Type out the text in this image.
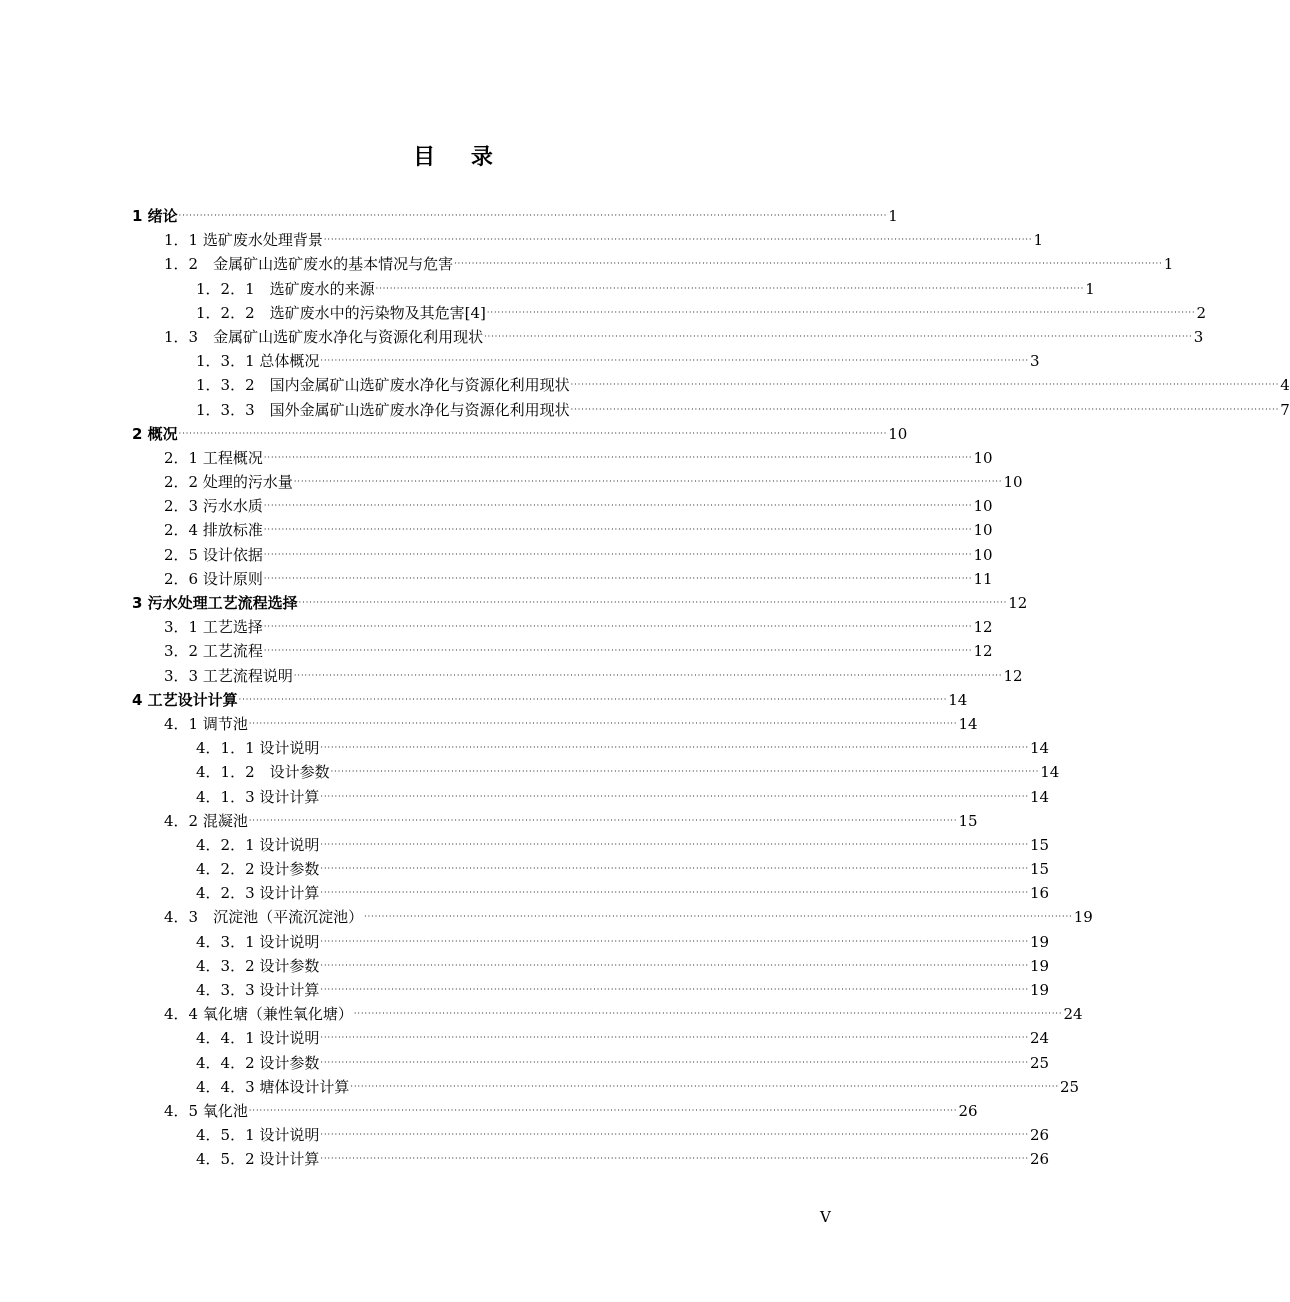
目 录
1 绪论 ········································································································································································································ 1
1．1 选矿废水处理背景 ········································································································································································································ 1
1．2　金属矿山选矿废水的基本情况与危害 ········································································································································································································ 1
1．2．1　选矿废水的来源 ········································································································································································································ 1
1．2．2　选矿废水中的污染物及其危害[4] ········································································································································································································ 2
1．3　金属矿山选矿废水净化与资源化利用现状 ········································································································································································································ 3
1．3．1 总体概况 ········································································································································································································ 3
1．3．2　国内金属矿山选矿废水净化与资源化利用现状 ········································································································································································································ 4
1．3．3　国外金属矿山选矿废水净化与资源化利用现状 ········································································································································································································ 7
2 概况 ········································································································································································································ 10
2．1 工程概况 ········································································································································································································ 10
2．2 处理的污水量 ········································································································································································································ 10
2．3 污水水质 ········································································································································································································ 10
2．4 排放标准 ········································································································································································································ 10
2．5 设计依据 ········································································································································································································ 10
2．6 设计原则 ········································································································································································································ 11
3 污水处理工艺流程选择 ········································································································································································································ 12
3．1 工艺选择 ········································································································································································································ 12
3．2 工艺流程 ········································································································································································································ 12
3．3 工艺流程说明 ········································································································································································································ 12
4 工艺设计计算 ········································································································································································································ 14
4．1 调节池 ········································································································································································································ 14
4．1．1 设计说明 ········································································································································································································ 14
4．1．2　设计参数 ········································································································································································································ 14
4．1．3 设计计算 ········································································································································································································ 14
4．2 混凝池 ········································································································································································································ 15
4．2．1 设计说明 ········································································································································································································ 15
4．2．2 设计参数 ········································································································································································································ 15
4．2．3 设计计算 ········································································································································································································ 16
4．3　沉淀池（平流沉淀池） ········································································································································································································ 19
4．3．1 设计说明 ········································································································································································································ 19
4．3．2 设计参数 ········································································································································································································ 19
4．3．3 设计计算 ········································································································································································································ 19
4．4 氧化塘（兼性氧化塘） ········································································································································································································ 24
4．4．1 设计说明 ········································································································································································································ 24
4．4．2 设计参数 ········································································································································································································ 25
4．4．3 塘体设计计算 ········································································································································································································ 25
4．5 氧化池 ········································································································································································································ 26
4．5．1 设计说明 ········································································································································································································ 26
4．5．2 设计计算 ········································································································································································································ 26
V
